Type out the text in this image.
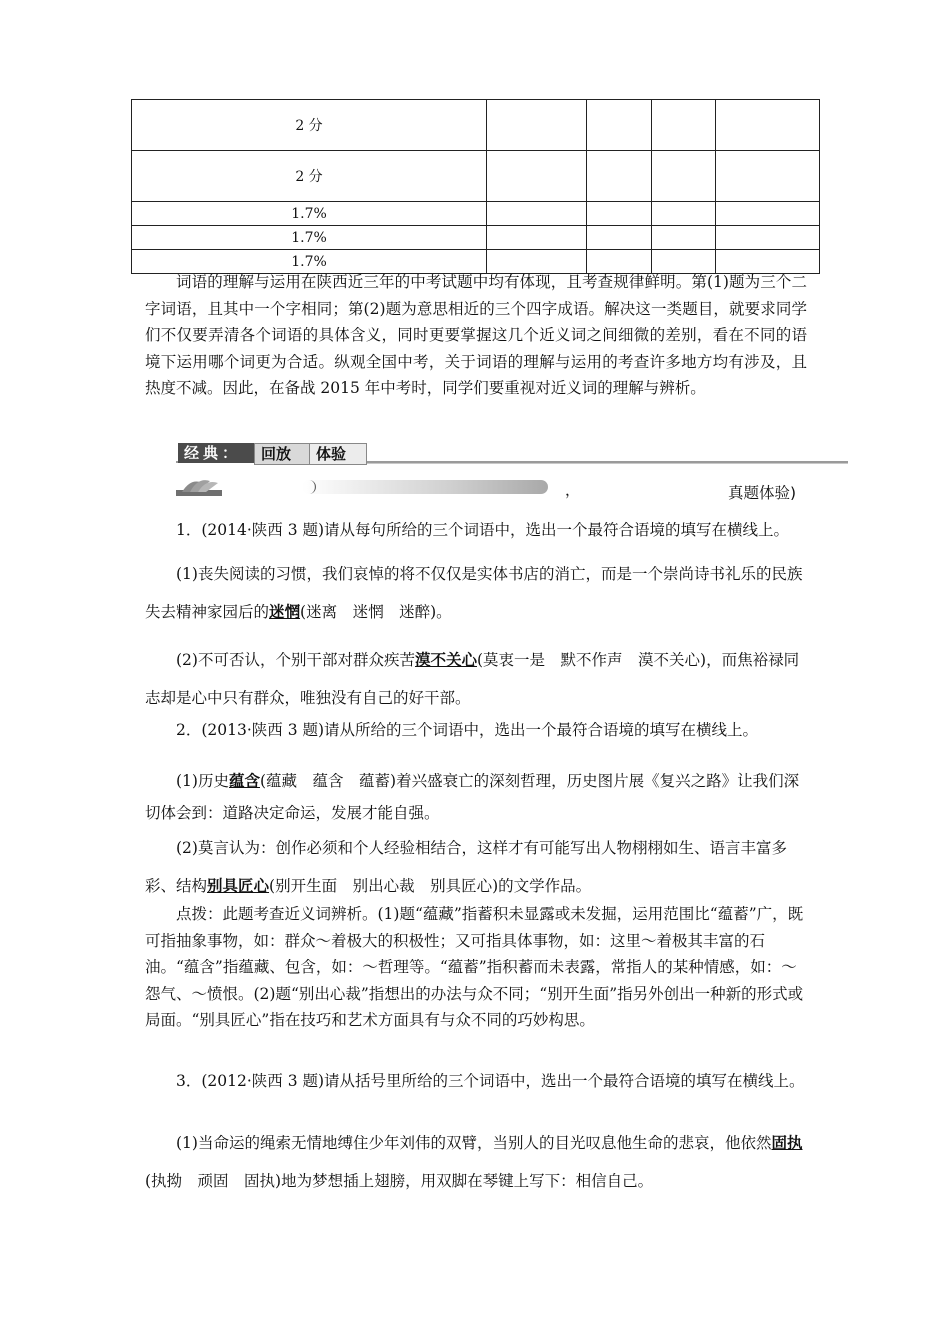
2 分				
2 分				
1.7%				
1.7%				
1.7%				

词语的理解与运用在陕西近三年的中考试题中均有体现，且考查规律鲜明。第(1)题为三个二字词语，且其中一个字相同；第(2)题为意思相近的三个四字成语。解决这一类题目，就要求同学们不仅要弄清各个词语的具体含义，同时更要掌握这几个近义词之间细微的差别，看在不同的语境下运用哪个词更为合适。纵观全国中考，关于词语的理解与运用的考查许多地方均有涉及，且热度不减。因此，在备战 2015 年中考时，同学们要重视对近义词的理解与辨析。

经典：	回放	体验
，	真题体验)

1．(2014·陕西 3 题)请从每句所给的三个词语中，选出一个最符合语境的填写在横线上。

(1)丧失阅读的习惯，我们哀悼的将不仅仅是实体书店的消亡，而是一个崇尚诗书礼乐的民族失去精神家园后的迷惘(迷离　迷惘　迷醉)。

(2)不可否认，个别干部对群众疾苦漠不关心(莫衷一是　默不作声　漠不关心)，而焦裕禄同志却是心中只有群众，唯独没有自己的好干部。

2．(2013·陕西 3 题)请从所给的三个词语中，选出一个最符合语境的填写在横线上。

(1)历史蕴含(蕴藏　蕴含　蕴蓄)着兴盛衰亡的深刻哲理，历史图片展《复兴之路》让我们深切体会到：道路决定命运，发展才能自强。

(2)莫言认为：创作必须和个人经验相结合，这样才有可能写出人物栩栩如生、语言丰富多彩、结构别具匠心(别开生面　别出心裁　别具匠心)的文学作品。

点拨：此题考查近义词辨析。(1)题“蕴藏”指蓄积未显露或未发掘，运用范围比“蕴蓄”广，既可指抽象事物，如：群众～着极大的积极性；又可指具体事物，如：这里～着极其丰富的石油。“蕴含”指蕴藏、包含，如：～哲理等。“蕴蓄”指积蓄而未表露，常指人的某种情感，如：～怨气、～愤恨。(2)题“别出心裁”指想出的办法与众不同；“别开生面”指另外创出一种新的形式或局面。“别具匠心”指在技巧和艺术方面具有与众不同的巧妙构思。

3．(2012·陕西 3 题)请从括号里所给的三个词语中，选出一个最符合语境的填写在横线上。

(1)当命运的绳索无情地缚住少年刘伟的双臂，当别人的目光叹息他生命的悲哀，他依然固执(执拗　顽固　固执)地为梦想插上翅膀，用双脚在琴键上写下：相信自己。
